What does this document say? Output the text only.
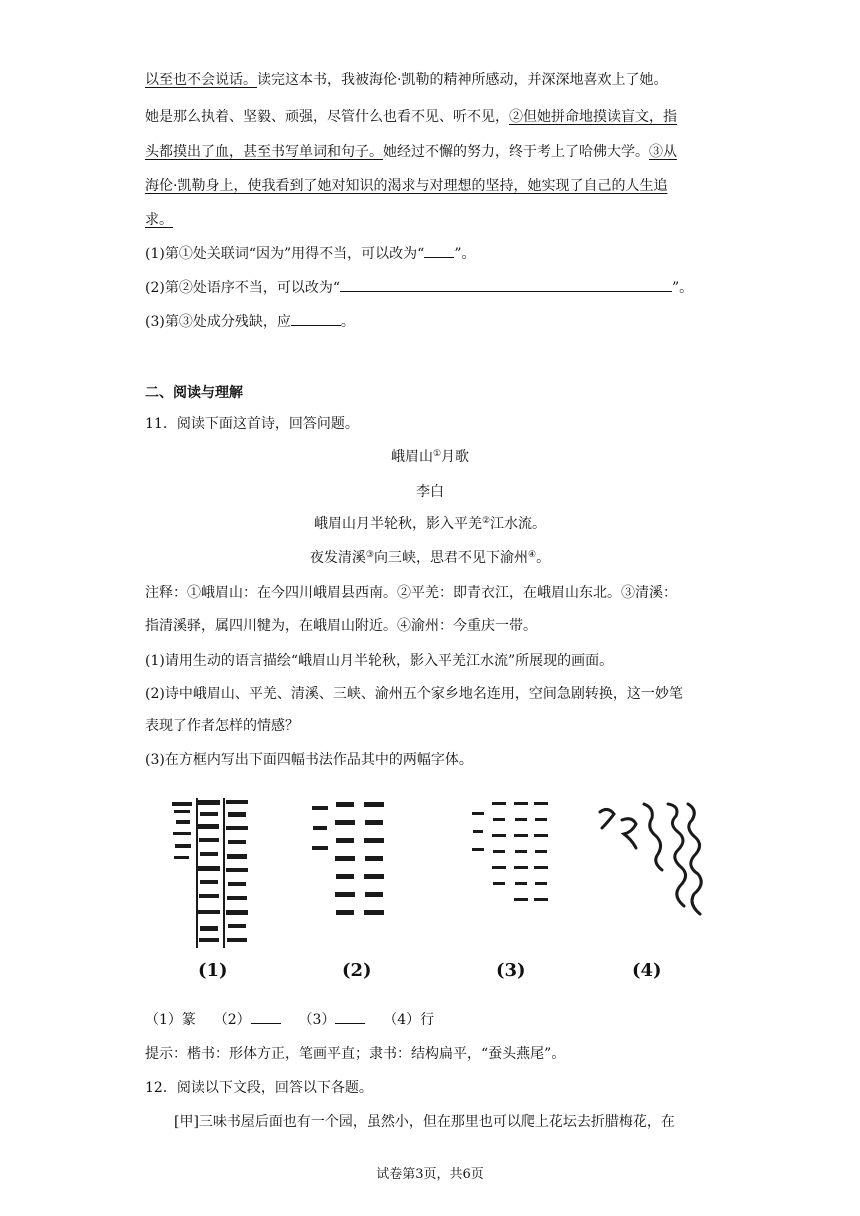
以至也不会说话。读完这本书，我被海伦·凯勒的精神所感动，并深深地喜欢上了她。
她是那么执着、坚毅、顽强，尽管什么也看不见、听不见，②但她拼命地摸读盲文，指
头都摸出了血，甚至书写单词和句子。她经过不懈的努力，终于考上了哈佛大学。③从
海伦·凯勒身上，使我看到了她对知识的渴求与对理想的坚持，她实现了自己的人生追
求。
(1)第①处关联词“因为”用得不当，可以改为“ ”。
(2)第②处语序不当，可以改为“	”。
(3)第③处成分残缺，应	。
二、阅读与理解
11．阅读下面这首诗，回答问题。
峨眉山①月歌
李白
峨眉山月半轮秋，影入平羌②江水流。
夜发清溪③向三峡，思君不见下渝州④。
注释：①峨眉山：在今四川峨眉县西南。②平羌：即青衣江，在峨眉山东北。③清溪：
指清溪驿，属四川犍为，在峨眉山附近。④渝州：今重庆一带。
(1)请用生动的语言描绘“峨眉山月半轮秋，影入平羌江水流”所展现的画面。
(2)诗中峨眉山、平羌、清溪、三峡、渝州五个家乡地名连用，空间急剧转换，这一妙笔
表现了作者怎样的情感？
(3)在方框内写出下面四幅书法作品其中的两幅字体。
(1)	(2)	(3)	(4)
（1）篆 （2）	（3）	（4）行
提示：楷书：形体方正，笔画平直；隶书：结构扁平，“蚕头燕尾”。
12．阅读以下文段，回答以下各题。
[甲]三味书屋后面也有一个园，虽然小，但在那里也可以爬上花坛去折腊梅花，在
试卷第3页，共6页
